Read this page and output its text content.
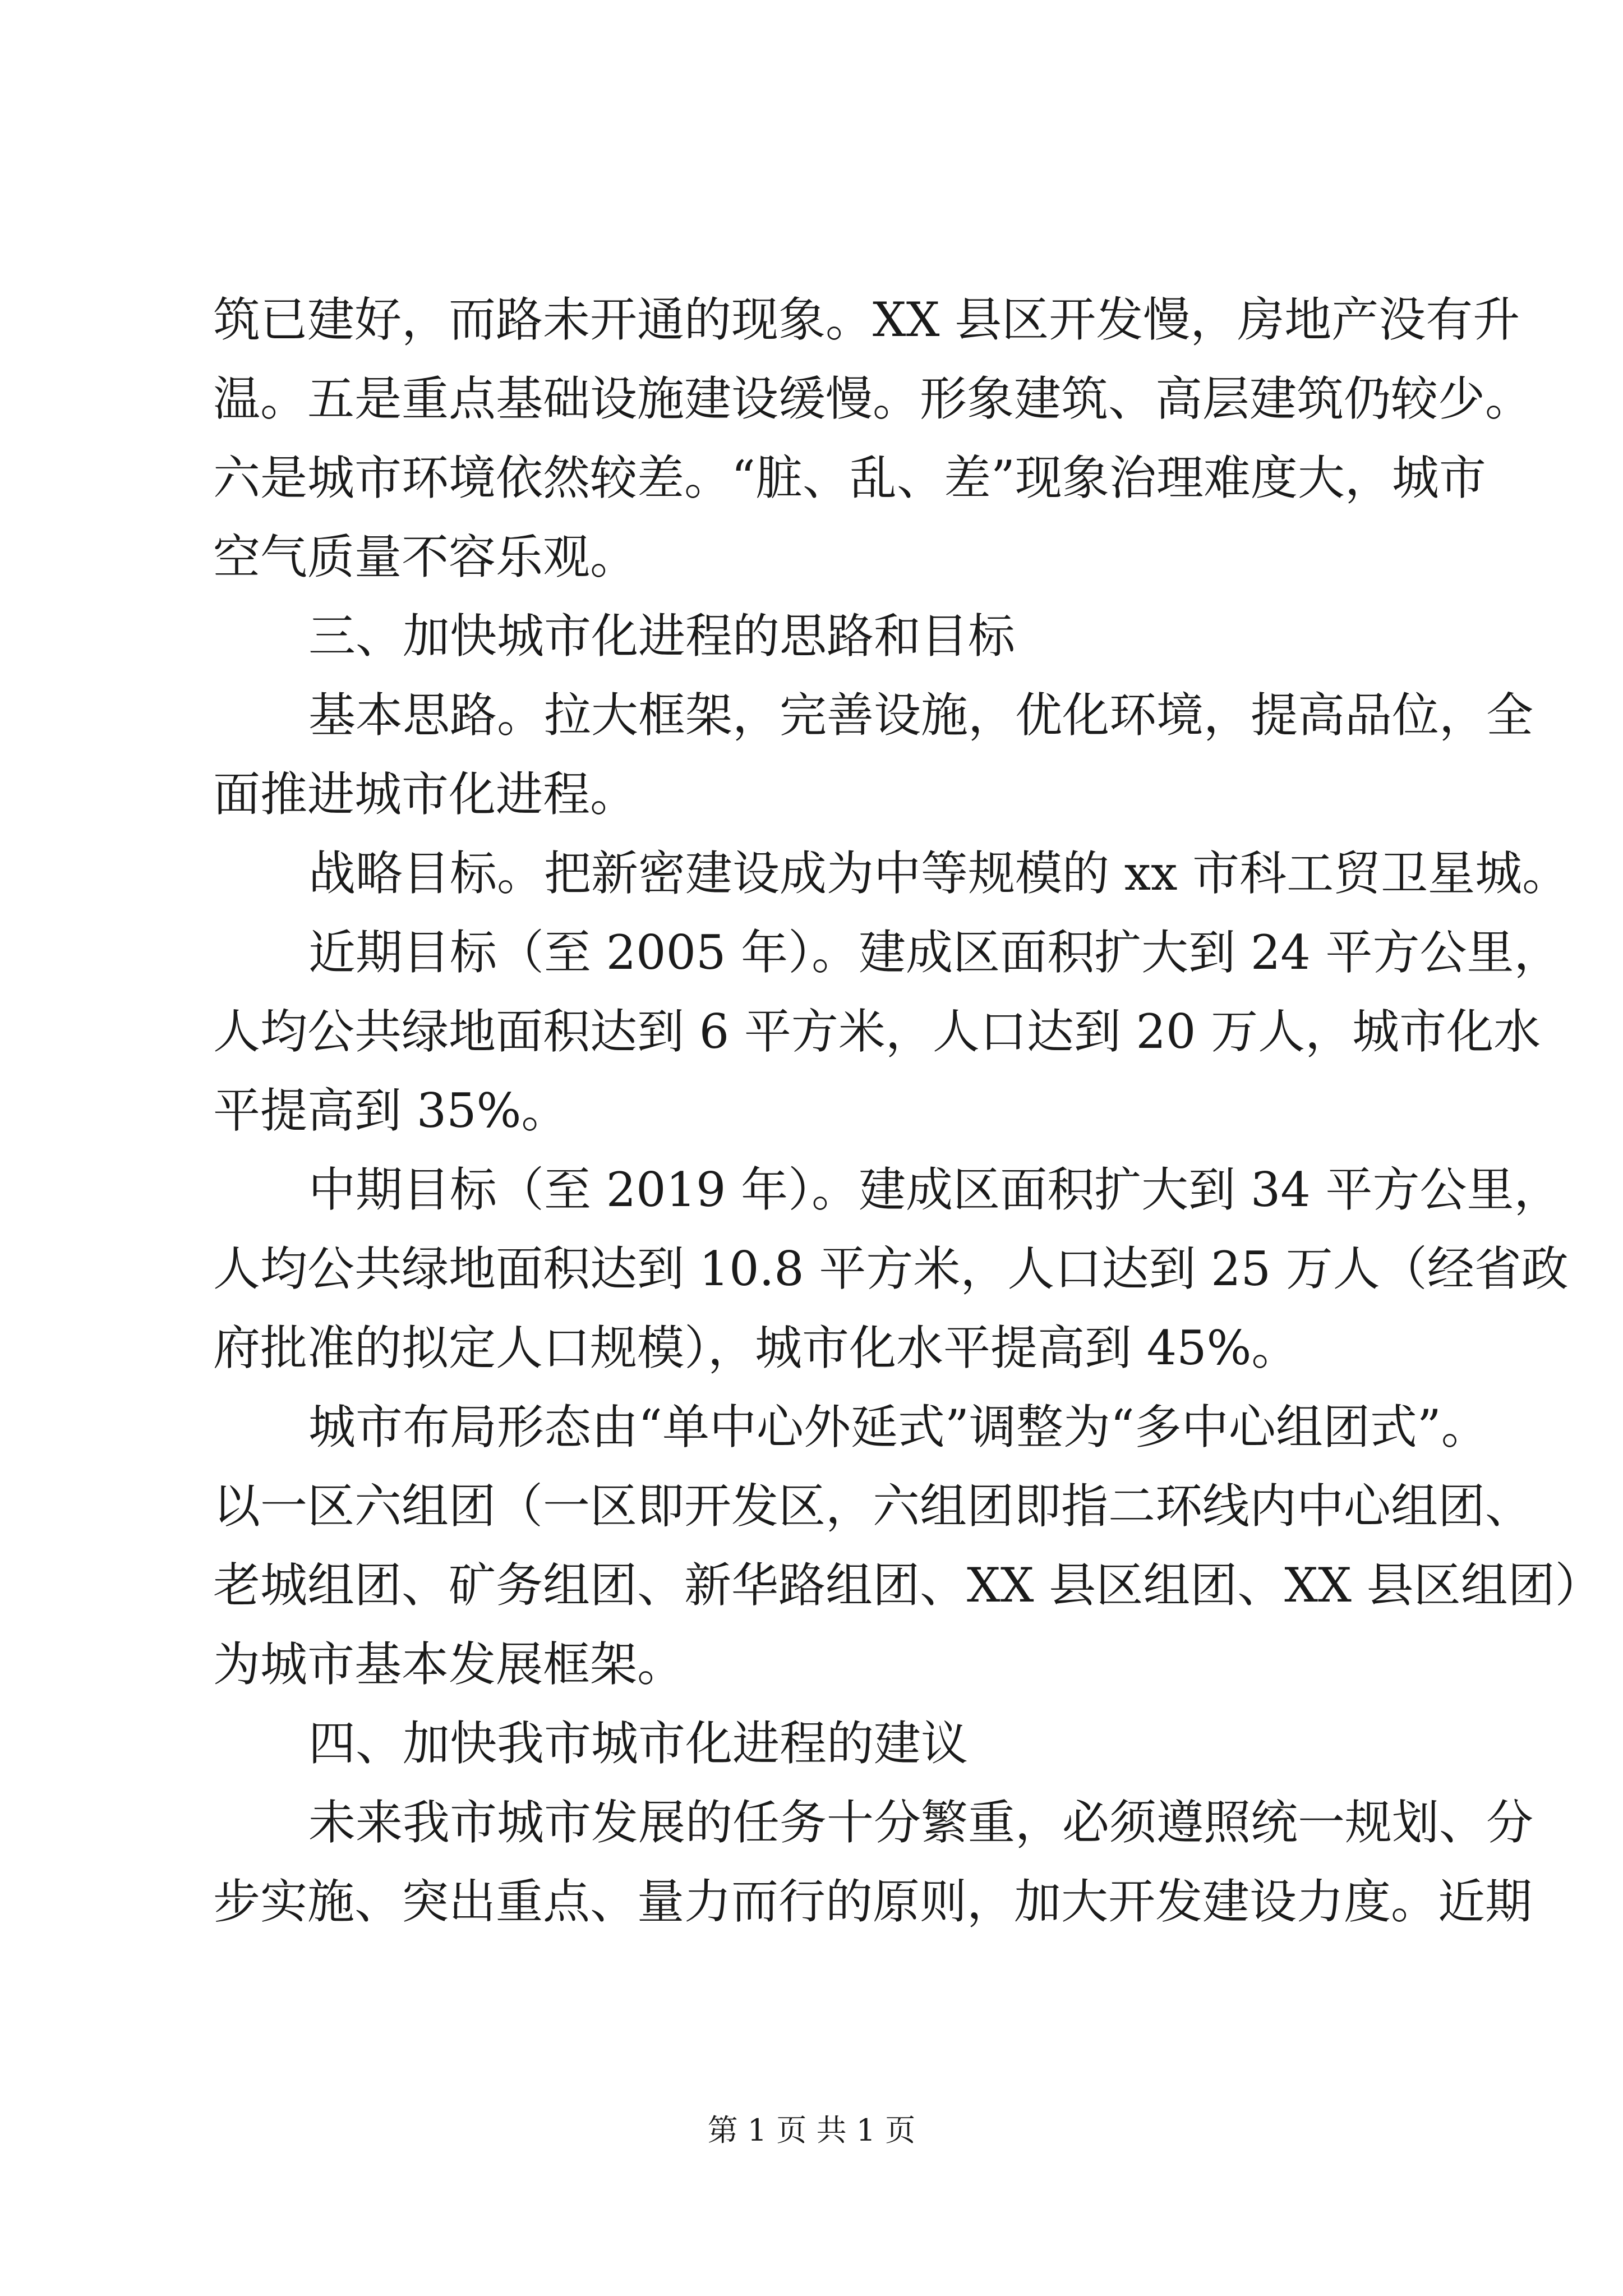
筑已建好，而路未开通的现象。XX 县区开发慢，房地产没有升
温。五是重点基础设施建设缓慢。形象建筑、高层建筑仍较少。
六是城市环境依然较差。“脏、乱、差”现象治理难度大，城市
空气质量不容乐观。

三、加快城市化进程的思路和目标

基本思路。拉大框架，完善设施，优化环境，提高品位，全
面推进城市化进程。

战略目标。把新密建设成为中等规模的 xx 市科工贸卫星城。

近期目标（至 2005 年）。建成区面积扩大到 24 平方公里，
人均公共绿地面积达到 6 平方米，人口达到 20 万人，城市化水
平提高到 35%。

中期目标（至 2019 年）。建成区面积扩大到 34 平方公里，
人均公共绿地面积达到 10.8 平方米，人口达到 25 万人（经省政
府批准的拟定人口规模），城市化水平提高到 45%。

城市布局形态由“单中心外延式”调整为“多中心组团式”。
以一区六组团（一区即开发区，六组团即指二环线内中心组团、
老城组团、矿务组团、新华路组团、XX 县区组团、XX 县区组团）
为城市基本发展框架。

四、加快我市城市化进程的建议

未来我市城市发展的任务十分繁重，必须遵照统一规划、分
步实施、突出重点、量力而行的原则，加大开发建设力度。近期

第 1 页 共 1 页
